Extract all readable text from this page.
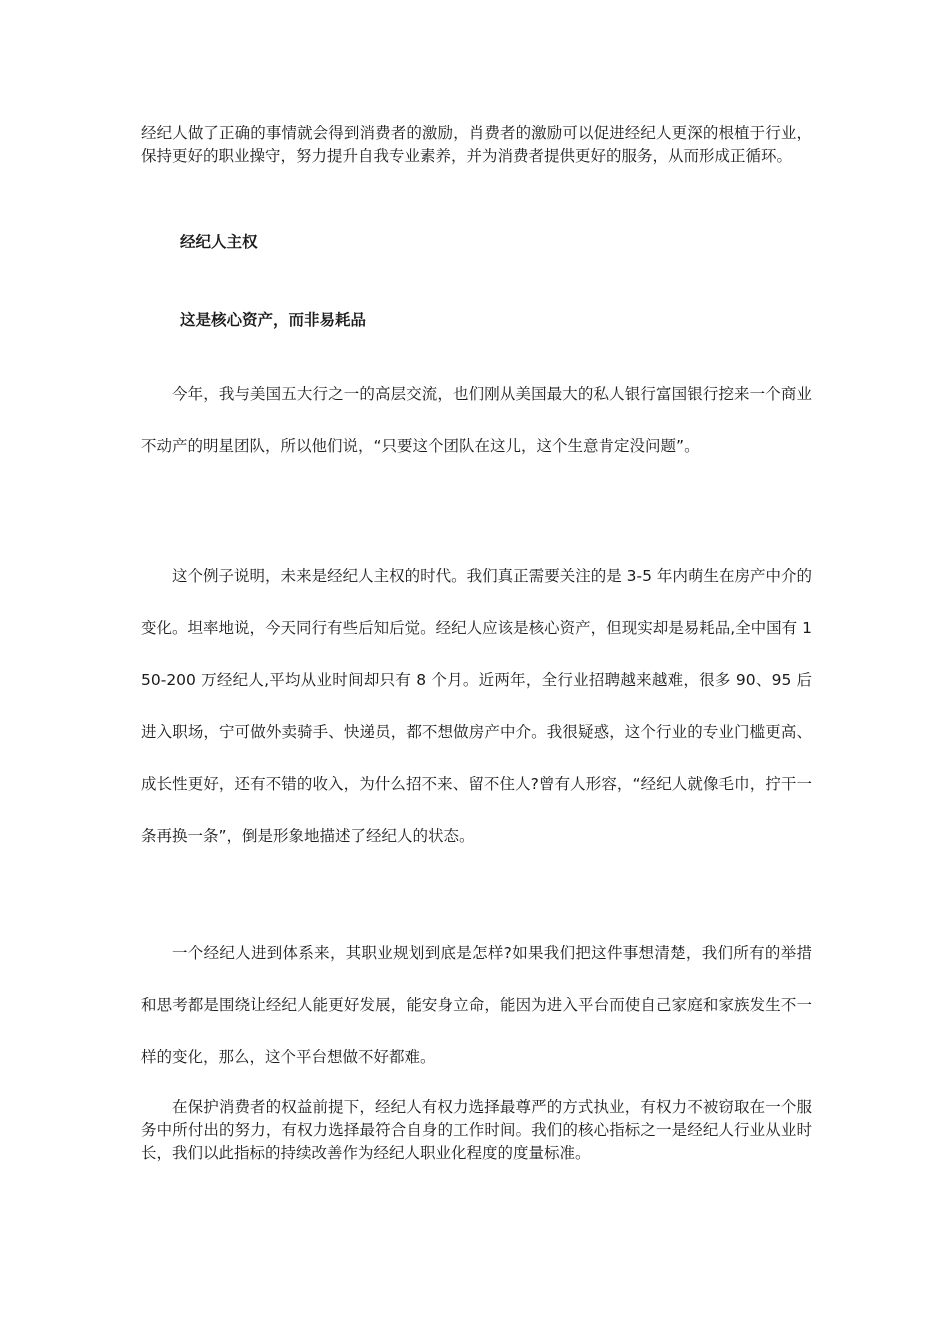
经纪人做了正确的事情就会得到消费者的激励，肖费者的激励可以促进经纪人更深的根植于行业，保持更好的职业操守，努力提升自我专业素养，并为消费者提供更好的服务，从而形成正循环。

经纪人主权

这是核心资产，而非易耗品

今年，我与美国五大行之一的高层交流，也们刚从美国最大的私人银行富国银行挖来一个商业不动产的明星团队，所以他们说，“只要这个团队在这儿，这个生意肯定没问题”。

这个例子说明，未来是经纪人主权的时代。我们真正需要关注的是 3-5 年内萌生在房产中介的变化。坦率地说，今天同行有些后知后觉。经纪人应该是核心资产，但现实却是易耗品,全中国有 150-200 万经纪人,平均从业时间却只有 8 个月。近两年，全行业招聘越来越难，很多 90、95 后进入职场，宁可做外卖骑手、快递员，都不想做房产中介。我很疑惑，这个行业的专业门槛更高、成长性更好，还有不错的收入，为什么招不来、留不住人?曾有人形容，“经纪人就像毛巾，拧干一条再换一条”，倒是形象地描述了经纪人的状态。

一个经纪人进到体系来，其职业规划到底是怎样?如果我们把这件事想清楚，我们所有的举措和思考都是围绕让经纪人能更好发展，能安身立命，能因为进入平台而使自己家庭和家族发生不一样的变化，那么，这个平台想做不好都难。

在保护消费者的权益前提下，经纪人有权力选择最尊严的方式执业，有权力不被窃取在一个服务中所付出的努力，有权力选择最符合自身的工作时间。我们的核心指标之一是经纪人行业从业时长，我们以此指标的持续改善作为经纪人职业化程度的度量标准。
